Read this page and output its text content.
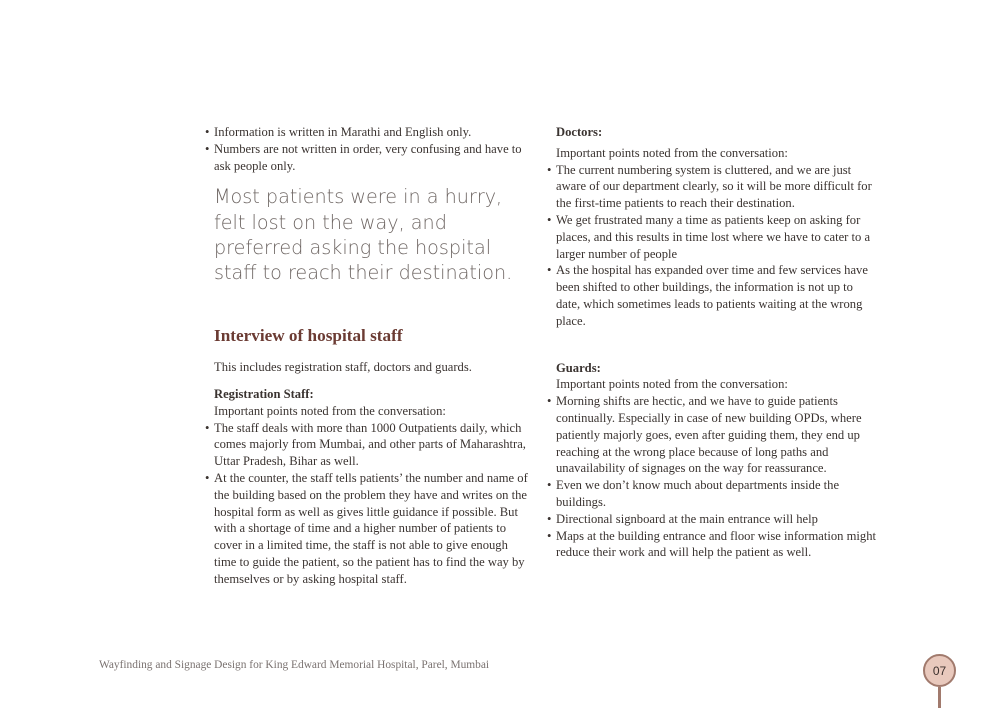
• Information is written in Marathi and English only.
• Numbers are not written in order, very confusing and have to ask people only.
Most patients were in a hurry, felt lost on the way, and preferred asking the hospital staff to reach their destination.
Interview of hospital staff
This includes registration staff, doctors and guards.
Registration Staff:
Important points noted from the conversation:
• The staff deals with more than 1000 Outpatients daily, which comes majorly from Mumbai, and other parts of Maharashtra, Uttar Pradesh, Bihar as well.
• At the counter, the staff tells patients’ the number and name of the building based on the problem they have and writes on the hospital form as well as gives little guidance if possible. But with a shortage of time and a higher number of patients to cover in a limited time, the staff is not able to give enough time to guide the patient, so the patient has to find the way by themselves or by asking hospital staff.
Doctors:
Important points noted from the conversation:
• The current numbering system is cluttered, and we are just aware of our department clearly, so it will be more difficult for the first-time patients to reach their destination.
• We get frustrated many a time as patients keep on asking for places, and this results in time lost where we have to cater to a larger number of people
• As the hospital has expanded over time and few services have been shifted to other buildings, the information is not up to date, which sometimes leads to patients waiting at the wrong place.
Guards:
Important points noted from the conversation:
• Morning shifts are hectic, and we have to guide patients continually. Especially in case of new building OPDs, where patiently majorly goes, even after guiding them, they end up reaching at the wrong place because of long paths and unavailability of signages on the way for reassurance.
• Even we don’t know much about departments inside the buildings.
• Directional signboard at the main entrance will help
• Maps at the building entrance and floor wise information might reduce their work and will help the patient as well.
Wayfinding and Signage Design for King Edward Memorial Hospital, Parel, Mumbai	07
